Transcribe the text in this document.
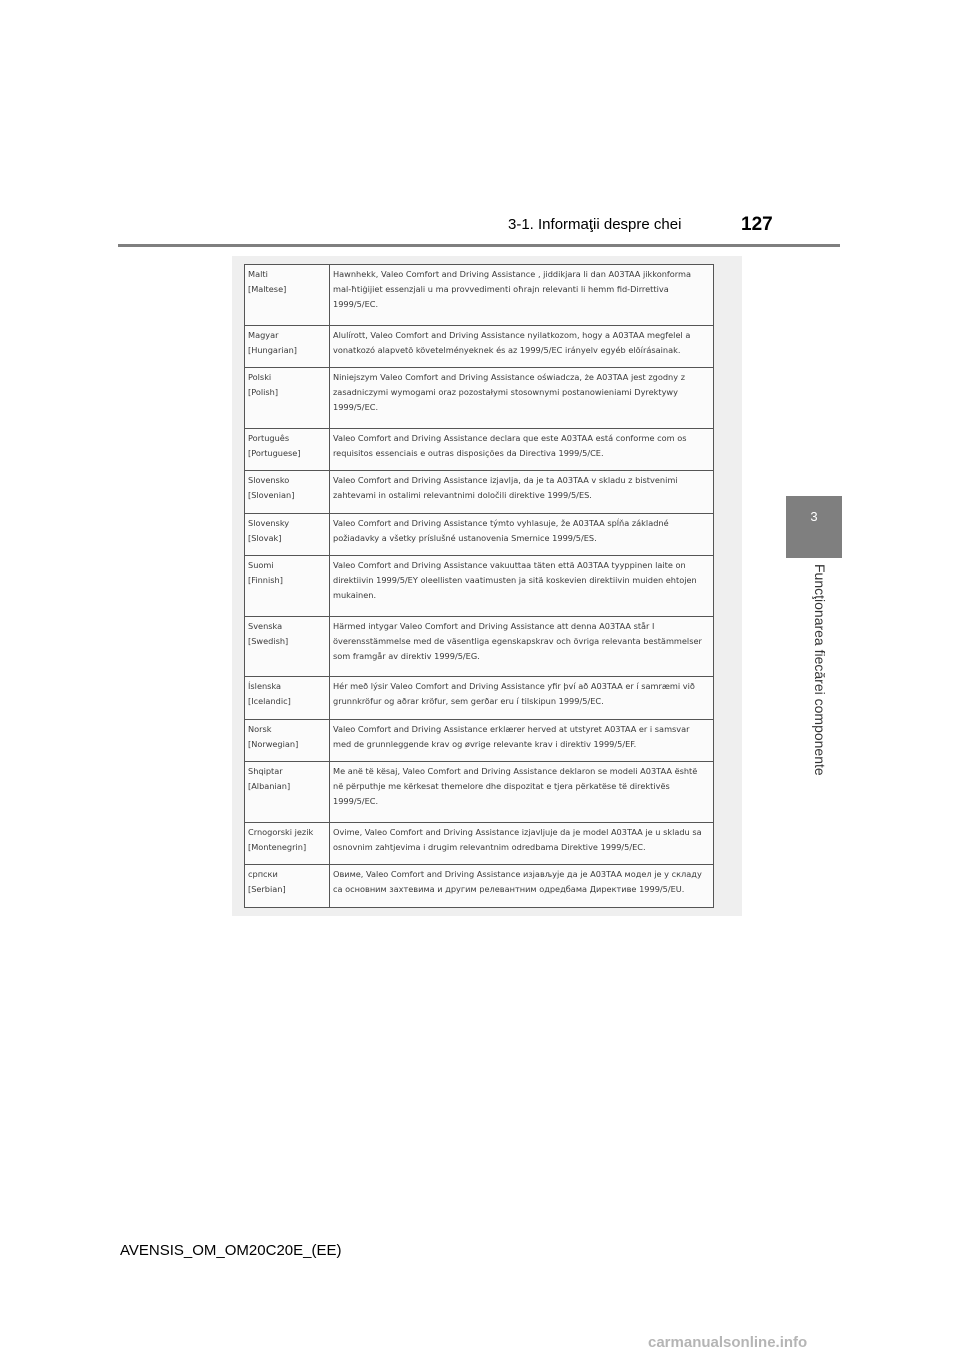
3-1. Informaţii despre chei	127
3
Funcţionarea fiecărei componente
Malti
[Maltese]	Hawnhekk, Valeo Comfort and Driving Assistance , jiddikjara li dan A03TAA jikkonforma mal-ħtiġijiet essenzjali u ma provvedimenti oħrajn relevanti li hemm fid-Dirrettiva 1999/5/EC.

Magyar
[Hungarian]	Alulírott, Valeo Comfort and Driving Assistance nyilatkozom, hogy a A03TAA megfelel a vonatkozó alapvetõ követelményeknek és az 1999/5/EC irányelv egyéb elõírásainak.

Polski
[Polish]	Niniejszym Valeo Comfort and Driving Assistance oświadcza, że A03TAA jest zgodny z zasadniczymi wymogami oraz pozostałymi stosownymi postanowieniami Dyrektywy 1999/5/EC.

Português
[Portuguese]	Valeo Comfort and Driving Assistance declara que este A03TAA está conforme com os requisitos essenciais e outras disposições da Directiva 1999/5/CE.

Slovensko
[Slovenian]	Valeo Comfort and Driving Assistance izjavlja, da je ta A03TAA v skladu z bistvenimi zahtevami in ostalimi relevantnimi določili direktive 1999/5/ES.

Slovensky
[Slovak]	Valeo Comfort and Driving Assistance týmto vyhlasuje, že A03TAA spĺňa základné požiadavky a všetky príslušné ustanovenia Smernice 1999/5/ES.

Suomi
[Finnish]	Valeo Comfort and Driving Assistance vakuuttaa täten että A03TAA tyyppinen laite on direktiivin 1999/5/EY oleellisten vaatimusten ja sitä koskevien direktiivin muiden ehtojen mukainen.

Svenska
[Swedish]	Härmed intygar Valeo Comfort and Driving Assistance att denna A03TAA står I överensstämmelse med de väsentliga egenskapskrav och övriga relevanta bestämmelser som framgår av direktiv 1999/5/EG.

Íslenska
[Icelandic]	Hér með lýsir Valeo Comfort and Driving Assistance yfir því að A03TAA er í samræmi við grunnkröfur og aðrar kröfur, sem gerðar eru í tilskipun 1999/5/EC.

Norsk
[Norwegian]	Valeo Comfort and Driving Assistance erklærer herved at utstyret A03TAA er i samsvar med de grunnleggende krav og øvrige relevante krav i direktiv 1999/5/EF.

Shqiptar
[Albanian]	Me anë të kësaj, Valeo Comfort and Driving Assistance deklaron se modeli A03TAA është në përputhje me kërkesat themelore dhe dispozitat e tjera përkatëse të direktivës 1999/5/EC.

Crnogorski jezik
[Montenegrin]	Ovime, Valeo Comfort and Driving Assistance izjavljuje da je model A03TAA je u skladu sa osnovnim zahtjevima i drugim relevantnim odredbama Direktive 1999/5/EC.

српски
[Serbian]	Овиме, Valeo Comfort and Driving Assistance изјављује да је A03TAA модел је у складу са основним захтевима и другим релевантним одредбама Директиве 1999/5/EU.
AVENSIS_OM_OM20C20E_(EE)
carmanualsonline.info
